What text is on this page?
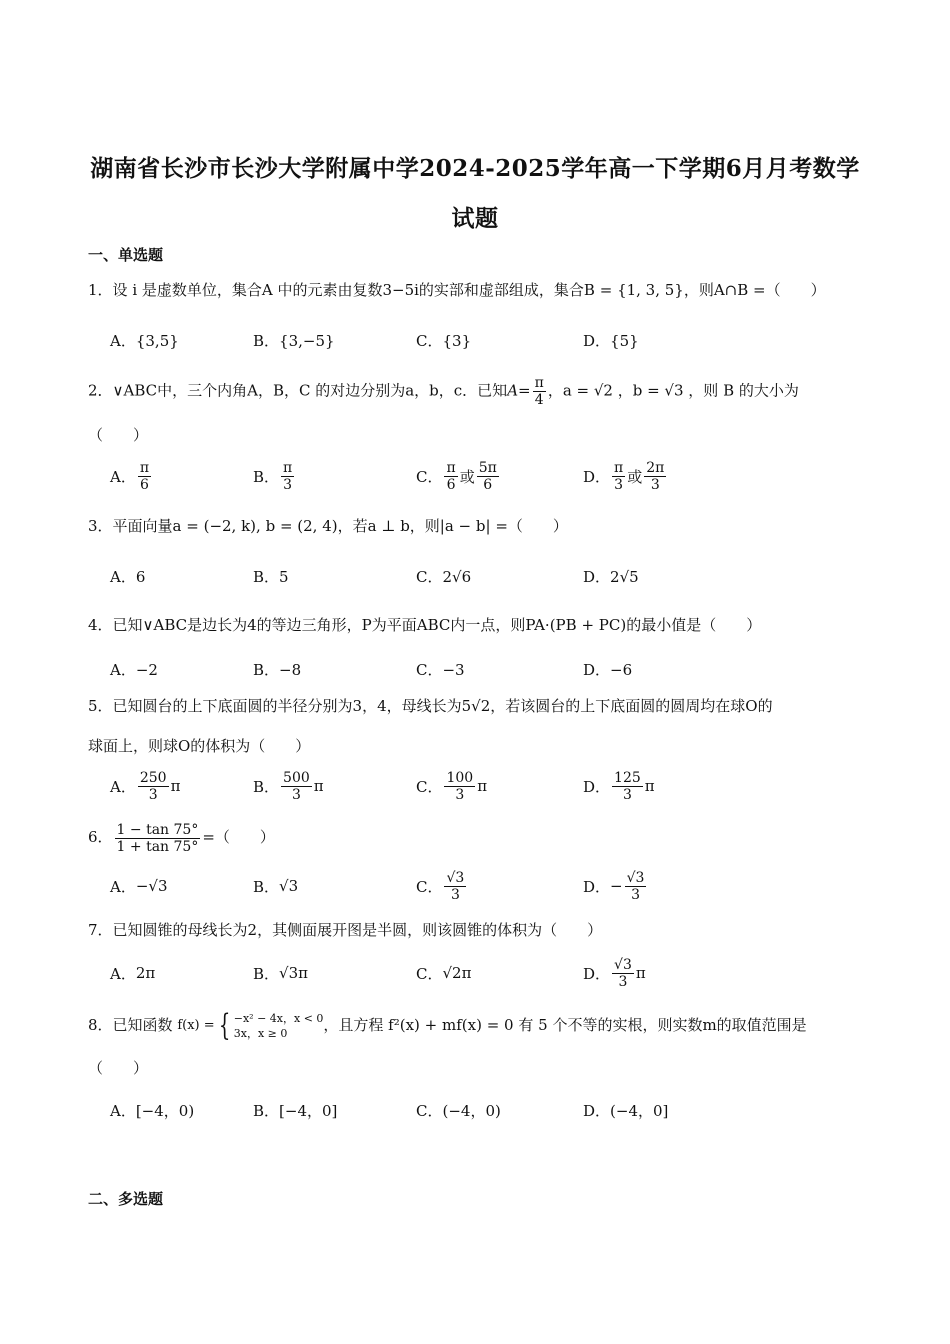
湖南省长沙市长沙大学附属中学2024-2025学年高一下学期6月月考数学
试题
一、单选题
1．设 i 是虚数单位，集合A 中的元素由复数3−5i的实部和虚部组成，集合B = {1, 3, 5}，则A∩B =（　　）
A．{3,5}	B．{3,−5}	C．{3}	D．{5}
2．∨ABC中，三个内角A，B，C 的对边分别为a，b，c．已知$A= \frac{\pi}{4}$ ，a = √2 ，b = √3 ，则 B 的大小为
（　　）
A． $\frac{\pi}{6}$	B． $\frac{\pi}{3}$	C． $\frac{\pi}{6}$ 或 $\frac{5\pi}{6}$	D． $\frac{\pi}{3}$ 或 $\frac{2\pi}{3}$
3．平面向量a = (−2, k), b = (2, 4)，若a ⊥ b，则|a − b| =（　　）
A．6	B．5	C．2√6	D．2√5
4．已知∨ABC是边长为4的等边三角形，P为平面ABC内一点，则PA·(PB + PC)的最小值是（　　）
A．−2	B．−8	C．−3	D．−6
5．已知圆台的上下底面圆的半径分别为3，4，母线长为5√2，若该圆台的上下底面圆的圆周均在球O的
球面上，则球O的体积为（　　）
A． $\frac{250}{3}$ π	B． $\frac{500}{3}$ π	C． $\frac{100}{3}$ π	D． $\frac{125}{3}$ π
6． $\frac{1 - \tan 75^\circ}{1 + \tan 75^\circ}$ =（　　）
A． −√3	B． √3	C． $\frac{√3}{3}$	D． − $\frac{√3}{3}$
7．已知圆锥的母线长为2，其侧面展开图是半圆，则该圆锥的体积为（　　）
A． 2π	B． √3π	C． √2π	D． $\frac{√3}{3}$ π
8．已知函数 f(x) = { −x² − 4x，x < 0
3x，x ≥ 0	，且方程 f²(x) + mf(x) = 0 有 5 个不等的实根，则实数m的取值范围是
（　　）
A．[−4，0)	B．[−4，0]	C．(−4，0)	D．(−4，0]
二、多选题
